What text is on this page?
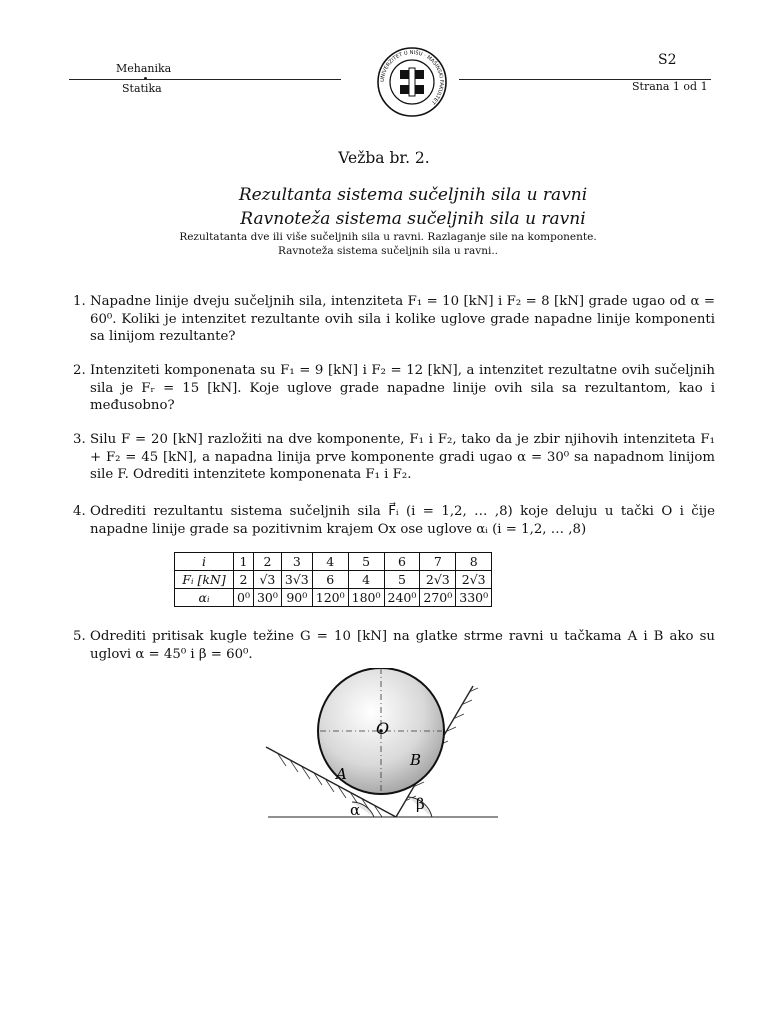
Mehanika
Statika
UNIVERZITET U NIŠU · MAŠINSKI FAKULTET
S2
Strana 1 od 1
Vežba br. 2.
Rezultanta sistema sučeljnih sila u ravni
Ravnoteža sistema sučeljnih sila u ravni
Rezultatanta dve ili više sučeljnih sila u ravni. Razlaganje sile na komponente.
Ravnoteža sistema sučeljnih sila u ravni..
1. Napadne linije dveju sučeljnih sila, intenziteta F₁ = 10 [kN] i F₂ = 8 [kN] grade ugao od α = 60⁰. Koliki je intenzitet rezultante ovih sila i kolike uglove grade napadne linije komponenti sa linijom rezultante?
2. Intenziteti komponenata su F₁ = 9 [kN] i F₂ = 12 [kN], a intenzitet rezultatne ovih sučeljnih sila je Fᵣ = 15 [kN]. Koje uglove grade napadne linije ovih sila sa rezultantom, kao i međusobno?
3. Silu F = 20 [kN] razložiti na dve komponente, F₁ i F₂, tako da je zbir njihovih intenziteta F₁ + F₂ = 45 [kN], a napadna linija prve komponente gradi ugao α = 30⁰ sa napadnom linijom sile F. Odrediti intenzitete komponenata F₁ i F₂.
4. Odrediti rezultantu sistema sučeljnih sila F⃗ᵢ (i = 1,2, … ,8) koje deluju u tački O i čije napadne linije grade sa pozitivnim krajem Ox ose uglove αᵢ (i = 1,2, … ,8)
i	1	2	3	4	5	6	7	8
Fᵢ [kN]	2	√3	3√3	6	4	5	2√3	2√3
αᵢ	0⁰	30⁰	90⁰	120⁰	180⁰	240⁰	270⁰	330⁰
5. Odrediti pritisak kugle težine G = 10 [kN] na glatke strme ravni u tačkama A i B ako su uglovi α = 45⁰ i β = 60⁰.
O
A
B
α	β
